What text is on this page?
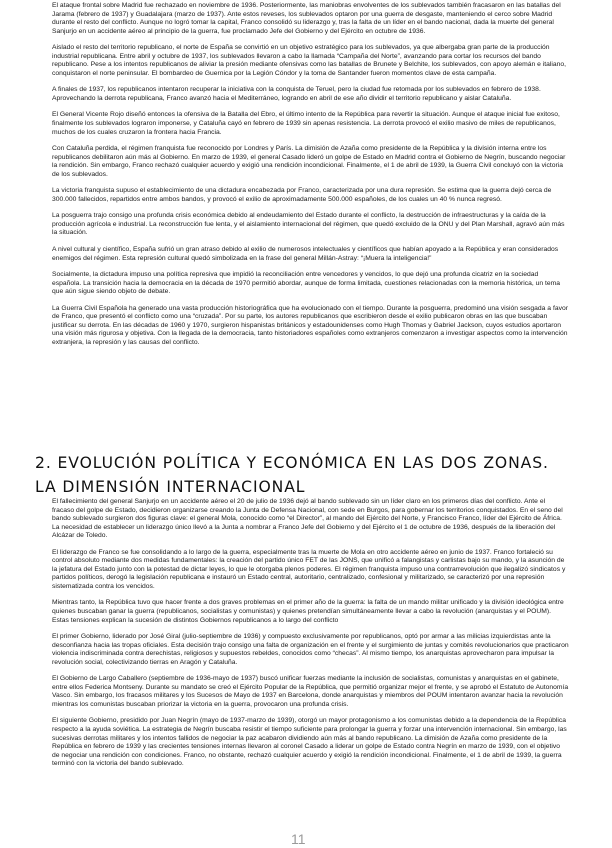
El ataque frontal sobre Madrid fue rechazado en noviembre de 1936. Posteriormente, las maniobras envolventes de los sublevados también fracasaron en las batallas del Jarama (febrero de 1937) y Guadalajara (marzo de 1937). Ante estos reveses, los sublevados optaron por una guerra de desgaste, manteniendo el cerco sobre Madrid durante el resto del conflicto. Aunque no logró tomar la capital, Franco consolidó su liderazgo y, tras la falta de un líder en el bando nacional, dada la muerte del general Sanjurjo en un accidente aéreo al principio de la guerra, fue proclamado Jefe del Gobierno y del Ejército en octubre de 1936.

Aislado el resto del territorio republicano, el norte de España se convirtió en un objetivo estratégico para los sublevados, ya que albergaba gran parte de la producción industrial republicana. Entre abril y octubre de 1937, los sublevados llevaron a cabo la llamada “Campaña del Norte”, avanzando para cortar los recursos del bando republicano. Pese a los intentos republicanos de aliviar la presión mediante ofensivas como las batallas de Brunete y Belchite, los sublevados, con apoyo alemán e italiano, conquistaron el norte peninsular. El bombardeo de Guernica por la Legión Cóndor y la toma de Santander fueron momentos clave de esta campaña.

A finales de 1937, los republicanos intentaron recuperar la iniciativa con la conquista de Teruel, pero la ciudad fue retomada por los sublevados en febrero de 1938. Aprovechando la derrota republicana, Franco avanzó hacia el Mediterráneo, logrando en abril de ese año dividir el territorio republicano y aislar Cataluña.

El General Vicente Rojo diseñó entonces la ofensiva de la Batalla del Ebro, el último intento de la República para revertir la situación. Aunque el ataque inicial fue exitoso, finalmente los sublevados lograron imponerse, y Cataluña cayó en febrero de 1939 sin apenas resistencia. La derrota provocó el exilio masivo de miles de republicanos, muchos de los cuales cruzaron la frontera hacia Francia.

Con Cataluña perdida, el régimen franquista fue reconocido por Londres y París. La dimisión de Azaña como presidente de la República y la división interna entre los republicanos debilitaron aún más al Gobierno. En marzo de 1939, el general Casado lideró un golpe de Estado en Madrid contra el Gobierno de Negrín, buscando negociar la rendición. Sin embargo, Franco rechazó cualquier acuerdo y exigió una rendición incondicional. Finalmente, el 1 de abril de 1939, la Guerra Civil concluyó con la victoria de los sublevados.

La victoria franquista supuso el establecimiento de una dictadura encabezada por Franco, caracterizada por una dura represión. Se estima que la guerra dejó cerca de 300.000 fallecidos, repartidos entre ambos bandos, y provocó el exilio de aproximadamente 500.000 españoles, de los cuales un 40 % nunca regresó.

La posguerra trajo consigo una profunda crisis económica debido al endeudamiento del Estado durante el conflicto, la destrucción de infraestructuras y la caída de la producción agrícola e industrial. La reconstrucción fue lenta, y el aislamiento internacional del régimen, que quedó excluido de la ONU y del Plan Marshall, agravó aún más la situación.

A nivel cultural y científico, España sufrió un gran atraso debido al exilio de numerosos intelectuales y científicos que habían apoyado a la República y eran considerados enemigos del régimen. Esta represión cultural quedó simbolizada en la frase del general Millán-Astray: “¡Muera la inteligencia!”

Socialmente, la dictadura impuso una política represiva que impidió la reconciliación entre vencedores y vencidos, lo que dejó una profunda cicatriz en la sociedad española. La transición hacia la democracia en la década de 1970 permitió abordar, aunque de forma limitada, cuestiones relacionadas con la memoria histórica, un tema que aún sigue siendo objeto de debate.

La Guerra Civil Española ha generado una vasta producción historiográfica que ha evolucionado con el tiempo. Durante la posguerra, predominó una visión sesgada a favor de Franco, que presentó el conflicto como una “cruzada”. Por su parte, los autores republicanos que escribieron desde el exilio publicaron obras en las que buscaban justificar su derrota. En las décadas de 1960 y 1970, surgieron hispanistas británicos y estadounidenses como Hugh Thomas y Gabriel Jackson, cuyos estudios aportaron una visión más rigurosa y objetiva. Con la llegada de la democracia, tanto historiadores españoles como extranjeros comenzaron a investigar aspectos como la intervención extranjera, la represión y las causas del conflicto.

2. EVOLUCIÓN POLÍTICA Y ECONÓMICA EN LAS DOS ZONAS. LA DIMENSIÓN INTERNACIONAL

El fallecimiento del general Sanjurjo en un accidente aéreo el 20 de julio de 1936 dejó al bando sublevado sin un líder claro en los primeros días del conflicto. Ante el fracaso del golpe de Estado, decidieron organizarse creando la Junta de Defensa Nacional, con sede en Burgos, para gobernar los territorios conquistados. En el seno del bando sublevado surgieron dos figuras clave: el general Mola, conocido como “el Director”, al mando del Ejército del Norte, y Francisco Franco, líder del Ejército de África. La necesidad de establecer un liderazgo único llevó a la Junta a nombrar a Franco Jefe del Gobierno y del Ejército el 1 de octubre de 1936, después de la liberación del Alcázar de Toledo.

El liderazgo de Franco se fue consolidando a lo largo de la guerra, especialmente tras la muerte de Mola en otro accidente aéreo en junio de 1937. Franco fortaleció su control absoluto mediante dos medidas fundamentales: la creación del partido único FET de las JONS, que unificó a falangistas y carlistas bajo su mando, y la asunción de la jefatura del Estado junto con la potestad de dictar leyes, lo que le otorgaba plenos poderes. El régimen franquista impuso una contrarrevolución que ilegalizó sindicatos y partidos políticos, derogó la legislación republicana e instauró un Estado central, autoritario, centralizado, confesional y militarizado, se caracterizó por una represión sistematizada contra los vencidos.

Mientras tanto, la República tuvo que hacer frente a dos graves problemas en el primer año de la guerra: la falta de un mando militar unificado y la división ideológica entre quienes buscaban ganar la guerra (republicanos, socialistas y comunistas) y quienes pretendían simultáneamente llevar a cabo la revolución (anarquistas y el POUM). Estas tensiones explican la sucesión de distintos Gobiernos republicanos a lo largo del conflicto

El primer Gobierno, liderado por José Giral (julio-septiembre de 1936) y compuesto exclusivamente por republicanos, optó por armar a las milicias izquierdistas ante la desconfianza hacia las tropas oficiales. Esta decisión trajo consigo una falta de organización en el frente y el surgimiento de juntas y comités revolucionarios que practicaron violencia indiscriminada contra derechistas, religiosos y supuestos rebeldes, conocidos como “checas”. Al mismo tiempo, los anarquistas aprovecharon para impulsar la revolución social, colectivizando tierras en Aragón y Cataluña.

El Gobierno de Largo Caballero (septiembre de 1936-mayo de 1937) buscó unificar fuerzas mediante la inclusión de socialistas, comunistas y anarquistas en el gabinete, entre ellos Federica Montseny. Durante su mandato se creó el Ejército Popular de la República, que permitió organizar mejor el frente, y se aprobó el Estatuto de Autonomía Vasco. Sin embargo, los fracasos militares y los Sucesos de Mayo de 1937 en Barcelona, donde anarquistas y miembros del POUM intentaron avanzar hacia la revolución mientras los comunistas buscaban priorizar la victoria en la guerra, provocaron una profunda crisis.

El siguiente Gobierno, presidido por Juan Negrín (mayo de 1937-marzo de 1939), otorgó un mayor protagonismo a los comunistas debido a la dependencia de la República respecto a la ayuda soviética. La estrategia de Negrín buscaba resistir el tiempo suficiente para prolongar la guerra y forzar una intervención internacional. Sin embargo, las sucesivas derrotas militares y los intentos fallidos de negociar la paz acabaron dividiendo aún más al bando republicano. La dimisión de Azaña como presidente de la República en febrero de 1939 y las crecientes tensiones internas llevaron al coronel Casado a liderar un golpe de Estado contra Negrín en marzo de 1939, con el objetivo de negociar una rendición con condiciones. Franco, no obstante, rechazó cualquier acuerdo y exigió la rendición incondicional. Finalmente, el 1 de abril de 1939, la guerra terminó con la victoria del bando sublevado.

11
